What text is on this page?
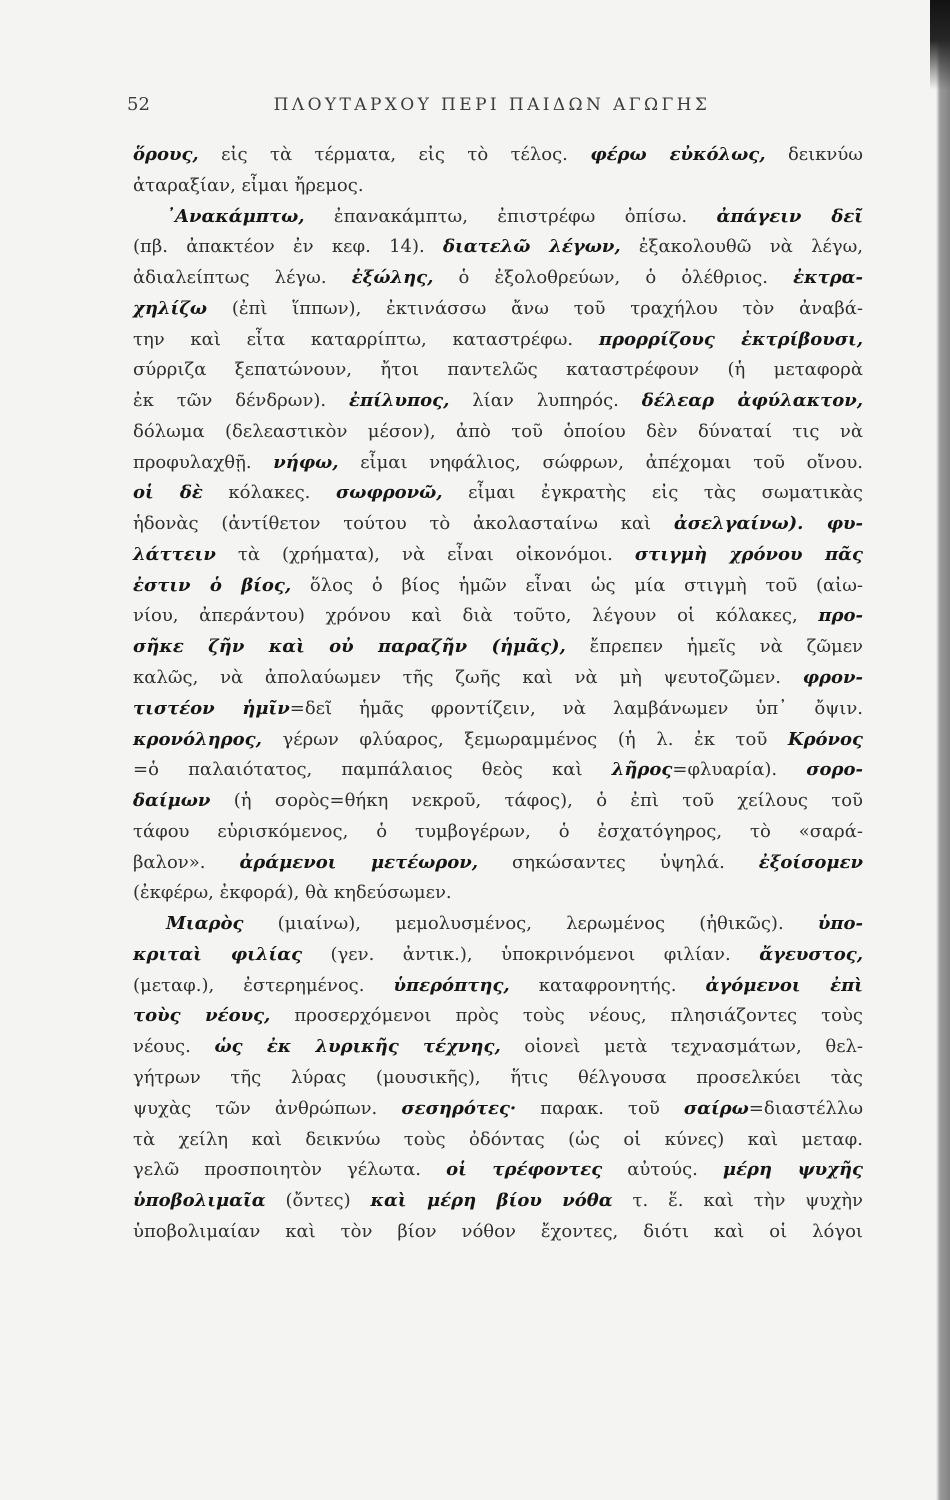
52	ΠΛΟΥΤΑΡΧΟΥ ΠΕΡΙ ΠΑΙΔΩΝ ΑΓΩΓΗΣ
ὅρους, εἰς τὰ τέρματα, εἰς τὸ τέλος. φέρω εὐκόλως, δεικνύω
ἀταραξίαν, εἶμαι ἤρεμος.
᾿Ανακάμπτω, ἐπανακάμπτω, ἐπιστρέφω ὀπίσω. ἀπάγειν δεῖ
(πβ. ἀπακτέον ἐν κεφ. 14). διατελῶ λέγων, ἐξακολουθῶ νὰ λέγω,
ἀδιαλείπτως λέγω. ἐξώλης, ὁ ἐξολοθρεύων, ὁ ὀλέθριος. ἐκτρα-
χηλίζω (ἐπὶ ἵππων), ἐκτινάσσω ἄνω τοῦ τραχήλου τὸν ἀναβά-
την καὶ εἶτα καταρρίπτω, καταστρέφω. προρρίζους ἐκτρίβουσι,
σύρριζα ξεπατώνουν, ἤτοι παντελῶς καταστρέφουν (ἡ μεταφορὰ
ἐκ τῶν δένδρων). ἐπίλυπος, λίαν λυπηρός. δέλεαρ ἀφύλακτον,
δόλωμα (δελεαστικὸν μέσον), ἀπὸ τοῦ ὁποίου δὲν δύναταί τις νὰ
προφυλαχθῇ. νήφω, εἶμαι νηφάλιος, σώφρων, ἀπέχομαι τοῦ οἴνου.
οἱ δὲ κόλακες. σωφρονῶ, εἶμαι ἐγκρατὴς εἰς τὰς σωματικὰς
ἡδονὰς (ἀντίθετον τούτου τὸ ἀκολασταίνω καὶ ἀσελγαίνω). φυ-
λάττειν τὰ (χρήματα), νὰ εἶναι οἰκονόμοι. στιγμὴ χρόνου πᾶς
ἐστιν ὁ βίος, ὅλος ὁ βίος ἡμῶν εἶναι ὡς μία στιγμὴ τοῦ (αἰω-
νίου, ἀπεράντου) χρόνου καὶ διὰ τοῦτο, λέγουν οἱ κόλακες, προ-
σῆκε ζῆν καὶ οὐ παραζῆν (ἡμᾶς), ἔπρεπεν ἡμεῖς νὰ ζῶμεν
καλῶς, νὰ ἀπολαύωμεν τῆς ζωῆς καὶ νὰ μὴ ψευτοζῶμεν. φρον-
τιστέον ἡμῖν=δεῖ ἡμᾶς φροντίζειν, νὰ λαμβάνωμεν ὑπ᾿ ὄψιν.
κρονόληρος, γέρων φλύαρος, ξεμωραμμένος (ἡ λ. ἐκ τοῦ Κρόνος
=ὁ παλαιότατος, παμπάλαιος θεὸς καὶ λῆρος=φλυαρία). σορο-
δαίμων (ἡ σορὸς=θήκη νεκροῦ, τάφος), ὁ ἐπὶ τοῦ χείλους τοῦ
τάφου εὑρισκόμενος, ὁ τυμβογέρων, ὁ ἐσχατόγηρος, τὸ «σαρά-
βαλον». ἀράμενοι μετέωρον, σηκώσαντες ὑψηλά. ἐξοίσομεν
(ἐκφέρω, ἐκφορά), θὰ κηδεύσωμεν.
Μιαρὸς (μιαίνω), μεμολυσμένος, λερωμένος (ἠθικῶς). ὑπο-
κριταὶ φιλίας (γεν. ἀντικ.), ὑποκρινόμενοι φιλίαν. ἄγευστος,
(μεταφ.), ἐστερημένος. ὑπερόπτης, καταφρονητής. ἀγόμενοι ἐπὶ
τοὺς νέους, προσερχόμενοι πρὸς τοὺς νέους, πλησιάζοντες τοὺς
νέους. ὡς ἐκ λυρικῆς τέχνης, οἱονεὶ μετὰ τεχνασμάτων, θελ-
γήτρων τῆς λύρας (μουσικῆς), ἥτις θέλγουσα προσελκύει τὰς
ψυχὰς τῶν ἀνθρώπων. σεσηρότες· παρακ. τοῦ σαίρω=διαστέλλω
τὰ χείλη καὶ δεικνύω τοὺς ὀδόντας (ὡς οἱ κύνες) καὶ μεταφ.
γελῶ προσποιητὸν γέλωτα. οἱ τρέφοντες αὐτούς. μέρη ψυχῆς
ὑποβολιμαῖα (ὄντες) καὶ μέρη βίου νόθα τ. ἕ. καὶ τὴν ψυχὴν
ὑποβολιμαίαν καὶ τὸν βίον νόθον ἔχοντες, διότι καὶ οἱ λόγοι
